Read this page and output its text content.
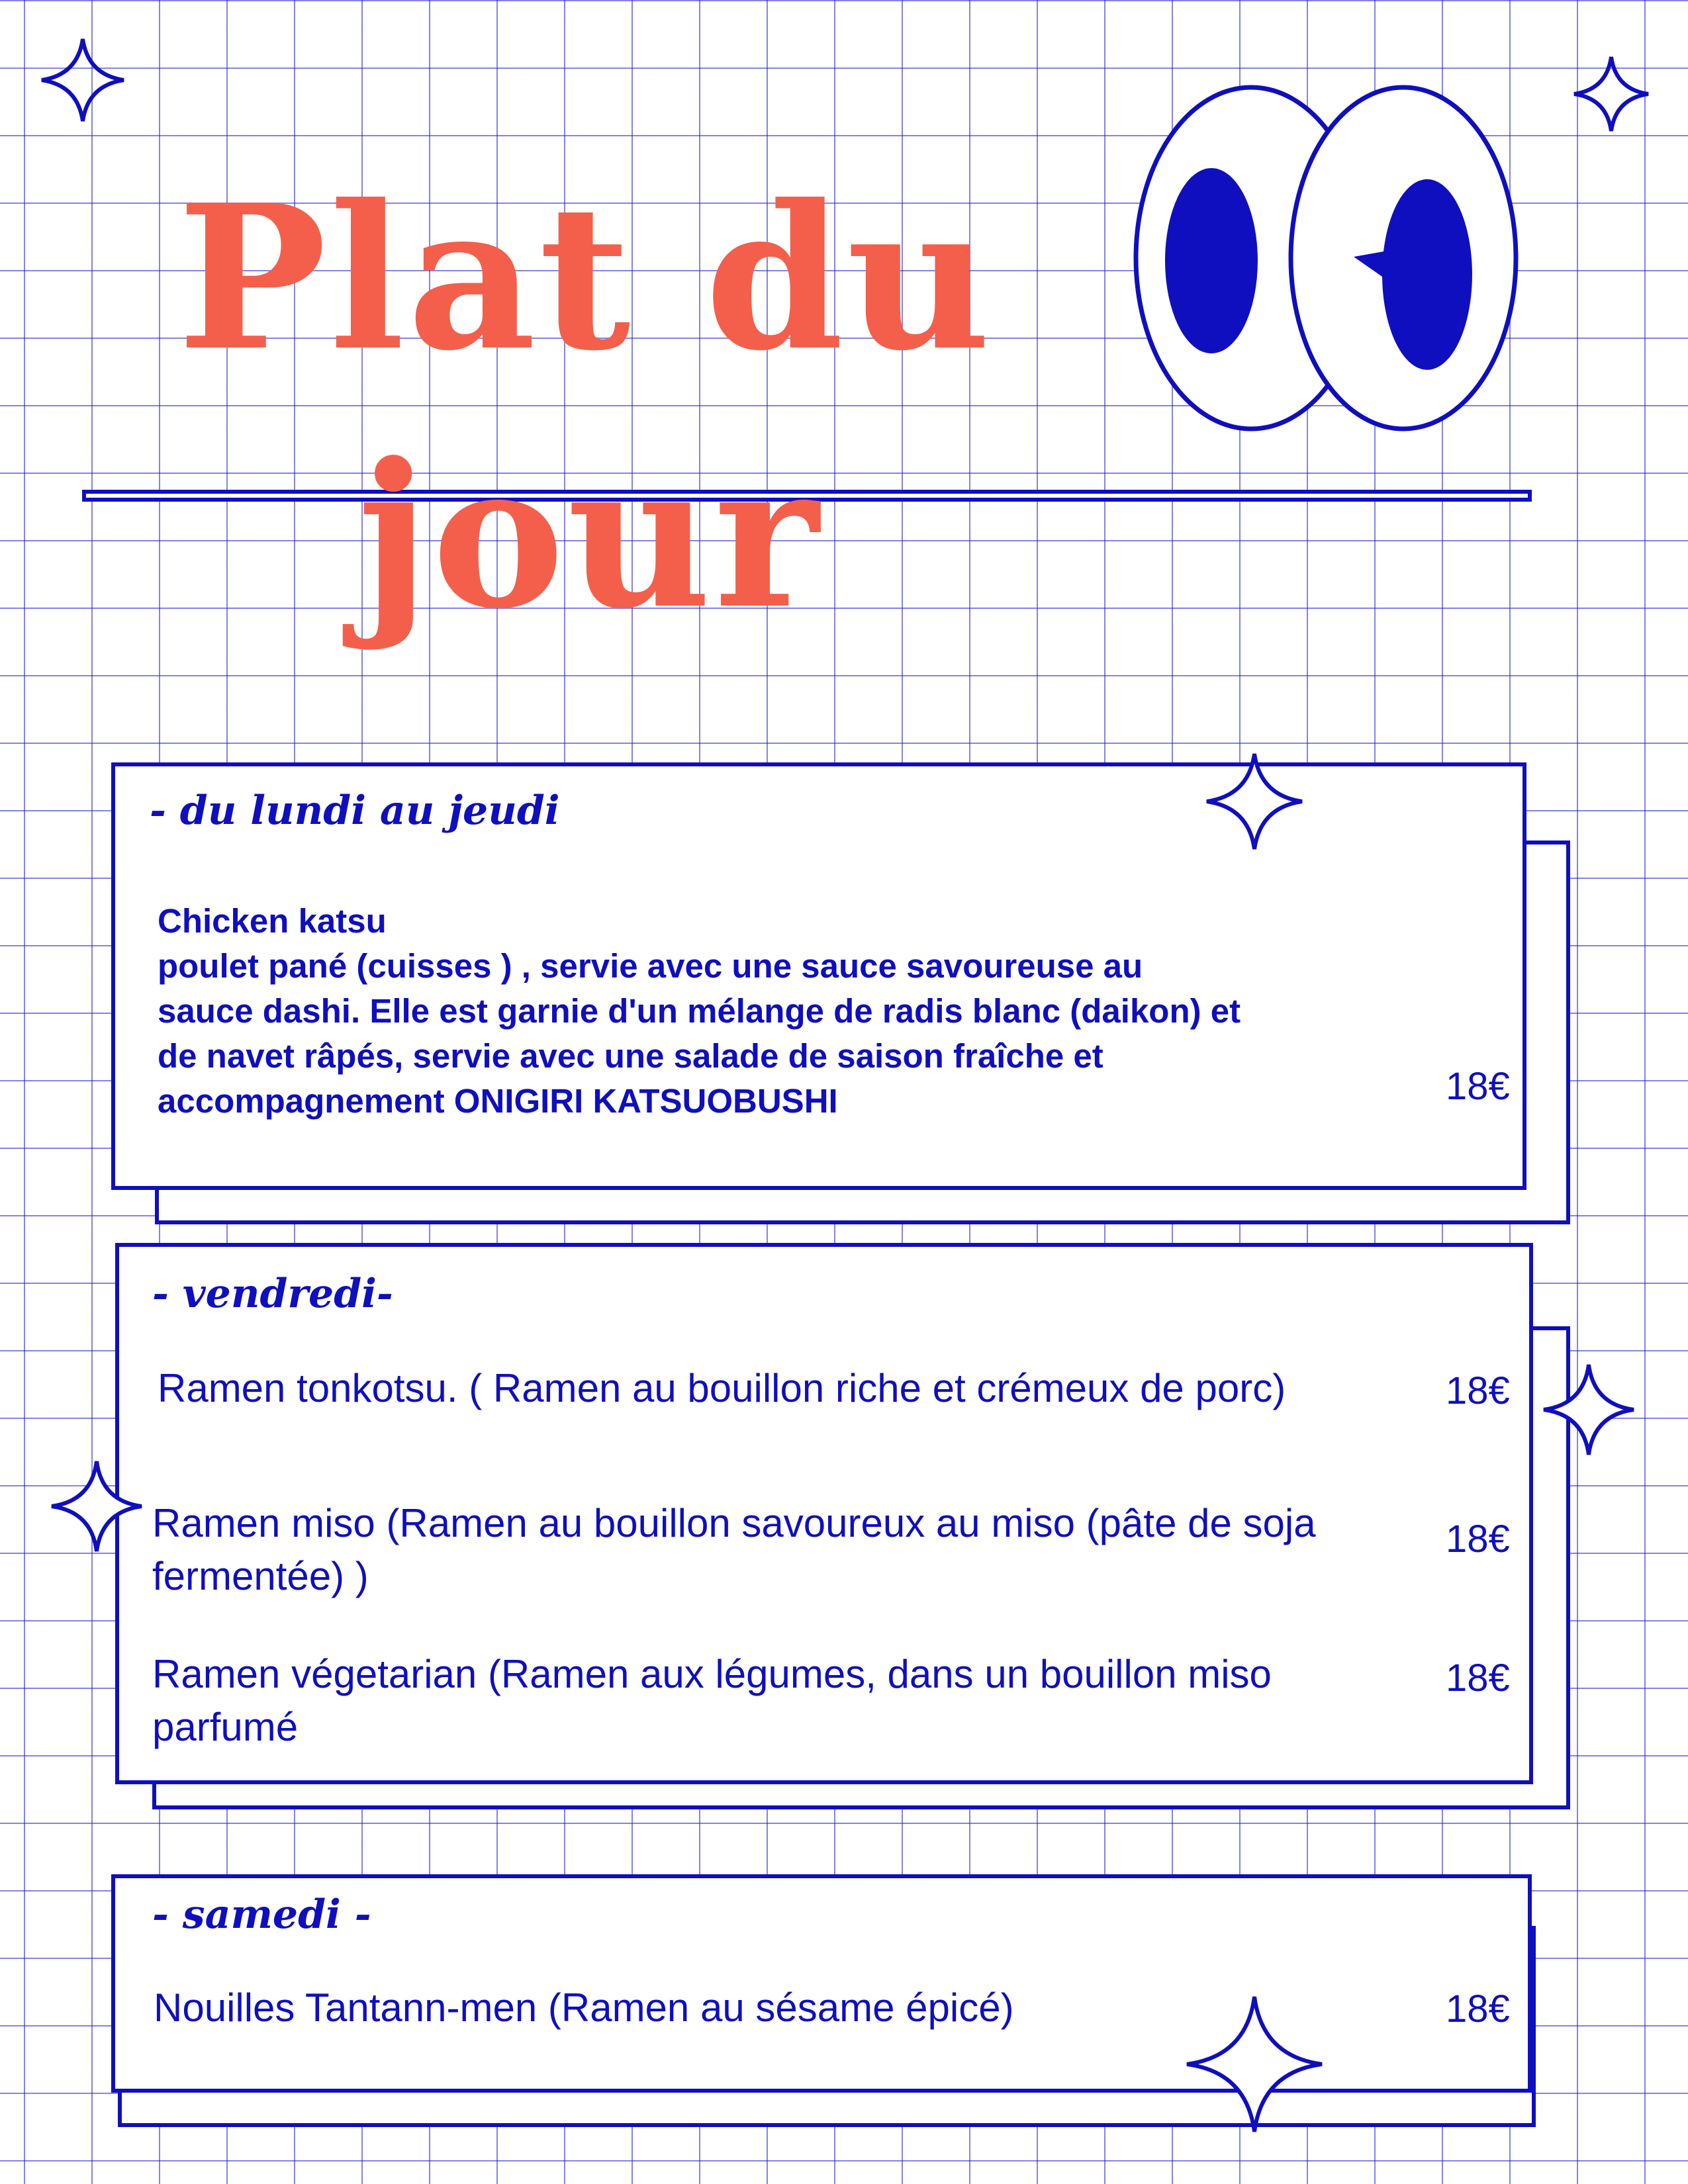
Plat du
jour
- du lundi au jeudi
Chicken katsu
poulet pané (cuisses ) , servie avec une sauce savoureuse au
sauce dashi. Elle est garnie d'un mélange de radis blanc (daikon) et
de navet râpés, servie avec une salade de saison fraîche et
accompagnement ONIGIRI KATSUOBUSHI	18€
- vendredi-
Ramen tonkotsu. ( Ramen au bouillon riche et crémeux de porc)	18€
Ramen miso (Ramen au bouillon savoureux au miso (pâte de soja fermentée) )
18€
Ramen végetarian (Ramen aux légumes, dans un bouillon miso parfumé
18€
- samedi -
Nouilles Tantann-men (Ramen au sésame épicé)	18€
